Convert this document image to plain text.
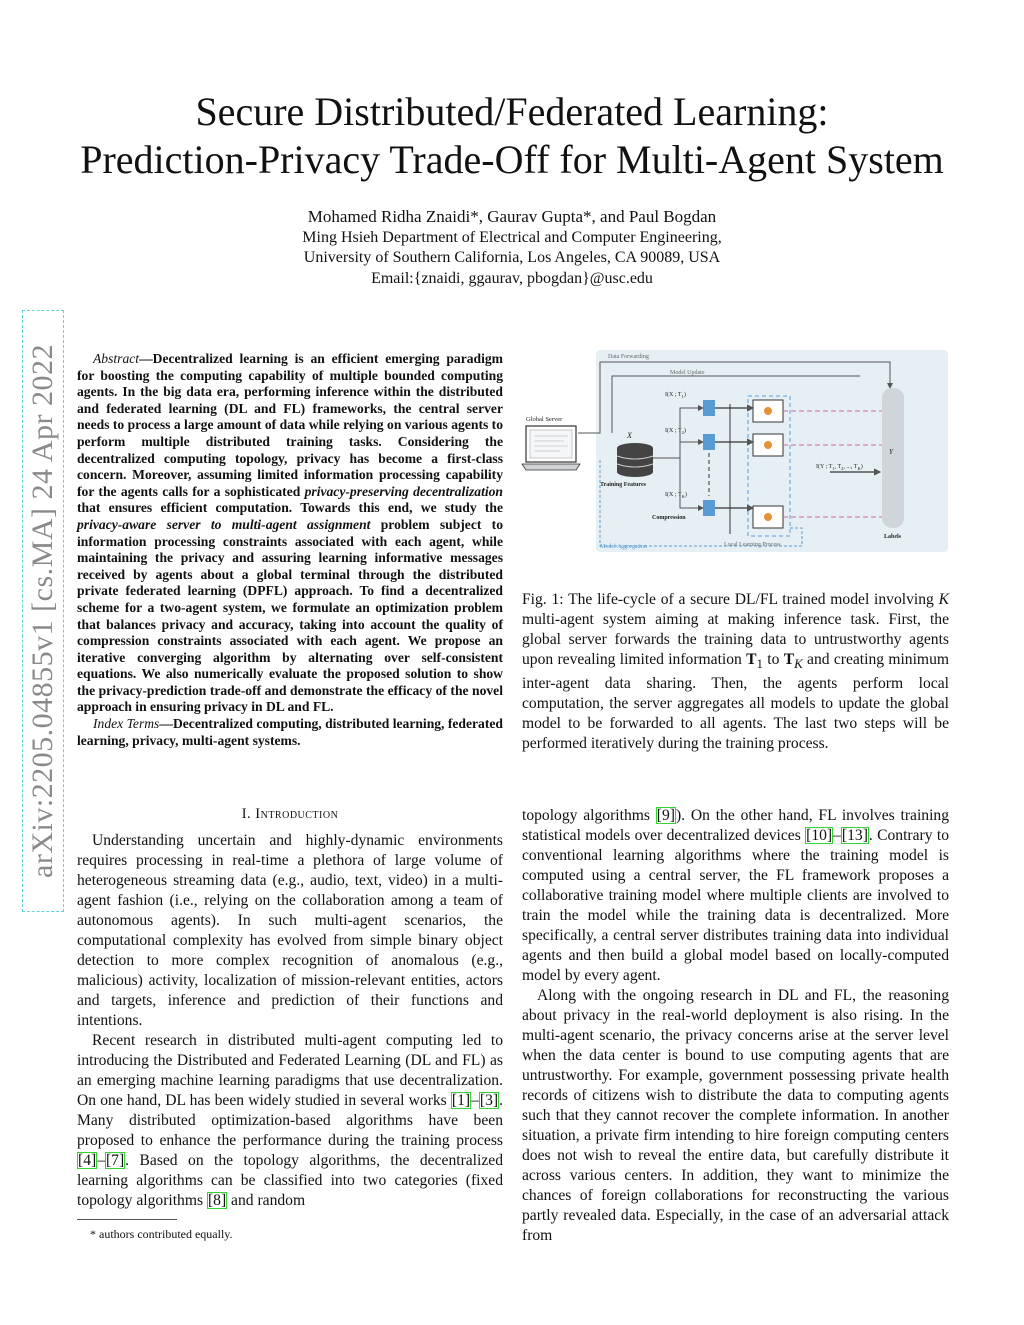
Secure Distributed/Federated Learning:
Prediction-Privacy Trade-Off for Multi-Agent System
Mohamed Ridha Znaidi*, Gaurav Gupta*, and Paul Bogdan
Ming Hsieh Department of Electrical and Computer Engineering,
University of Southern California, Los Angeles, CA 90089, USA
Email:{znaidi, ggaurav, pbogdan}@usc.edu
arXiv:2205.04855v1 [cs.MA] 24 Apr 2022	Abstract—Decentralized learning is an efficient emerging paradigm for boosting the computing capability of multiple bounded computing agents. In the big data era, performing inference within the distributed and federated learning (DL and FL) frameworks, the central server needs to process a large amount of data while relying on various agents to perform multiple distributed training tasks. Considering the decentralized computing topology, privacy has become a first-class concern. Moreover, assuming limited information processing capability for the agents calls for a sophisticated privacy-preserving decentralization that ensures efficient computation. Towards this end, we study the privacy-aware server to multi-agent assignment problem subject to information processing constraints associated with each agent, while maintaining the privacy and assuring learning informative messages received by agents about a global terminal through the distributed private federated learning (DPFL) approach. To find a decentralized scheme for a two-agent system, we formulate an optimization problem that balances privacy and accuracy, taking into account the quality of compression constraints associated with each agent. We propose an iterative converging algorithm by alternating over self-consistent equations. We also numerically evaluate the proposed solution to show the privacy-prediction trade-off and demonstrate the efficacy of the novel approach in ensuring privacy in DL and FL.

Index Terms—Decentralized computing, distributed learning, federated learning, privacy, multi-agent systems.

I. Introduction

Understanding uncertain and highly-dynamic environments requires processing in real-time a plethora of large volume of heterogeneous streaming data (e.g., audio, text, video) in a multi-agent fashion (i.e., relying on the collaboration among a team of autonomous agents). In such multi-agent scenarios, the computational complexity has evolved from simple binary object detection to more complex recognition of anomalous (e.g., malicious) activity, localization of mission-relevant entities, actors and targets, inference and prediction of their functions and intentions.

Recent research in distributed multi-agent computing led to introducing the Distributed and Federated Learning (DL and FL) as an emerging machine learning paradigms that use decentralization. On one hand, DL has been widely studied in several works [1]–[3]. Many distributed optimization-based algorithms have been proposed to enhance the performance during the training process [4]–[7]. Based on the topology algorithms, the decentralized learning algorithms can be classified into two categories (fixed topology algorithms [8] and random

* authors contributed equally.
Global Server
Training Features
X
Data Forwarding
Model Update
I(X ; $T_1$)
I(X ; $T_2$)
I(X ; $T_K$)
Compression
I(Y ; $T_1$, $T_2$, ..., $T_K$)
Y
Labels
Model Aggregation	Local Learning Process
Fig. 1: The life-cycle of a secure DL/FL trained model involving K multi-agent system aiming at making inference task. First, the global server forwards the training data to untrustworthy agents upon revealing limited information $T_1$ to $T_K$ and creating minimum inter-agent data sharing. Then, the agents perform local computation, the server aggregates all models to update the global model to be forwarded to all agents. The last two steps will be performed iteratively during the training process.

topology algorithms [9]). On the other hand, FL involves training statistical models over decentralized devices [10]–[13]. Contrary to conventional learning algorithms where the training model is computed using a central server, the FL framework proposes a collaborative training model where multiple clients are involved to train the model while the training data is decentralized. More specifically, a central server distributes training data into individual agents and then build a global model based on locally-computed model by every agent.

Along with the ongoing research in DL and FL, the reasoning about privacy in the real-world deployment is also rising. In the multi-agent scenario, the privacy concerns arise at the server level when the data center is bound to use computing agents that are untrustworthy. For example, government possessing private health records of citizens wish to distribute the data to computing agents such that they cannot recover the complete information. In another situation, a private firm intending to hire foreign computing centers does not wish to reveal the entire data, but carefully distribute it across various centers. In addition, they want to minimize the chances of foreign collaborations for reconstructing the various partly revealed data. Especially, in the case of an adversarial attack from
